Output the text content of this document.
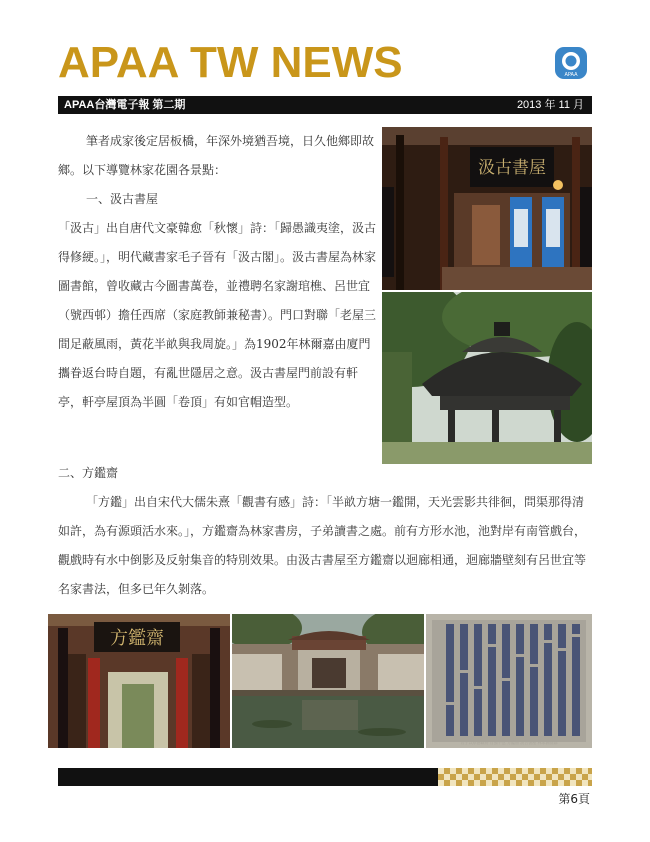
APAA TW NEWS	APAA
APAA台灣電子報 第二期	2013 年 11 月

筆者成家後定居板橋，年深外境猶吾境，日久他鄉即故鄉。以下導覽林家花園各景點：

一、汲古書屋

「汲古」出自唐代文豪韓愈「秋懷」詩：「歸愚識夷塗，汲古得修綆。」，明代藏書家毛子晉有「汲古閣」。汲古書屋為林家圖書館，曾收藏古今圖書萬卷，並禮聘名家謝琯樵、呂世宜（號西邨）擔任西席（家庭教師兼秘書）。門口對聯「老屋三間足蔽風雨，黃花半畝與我周旋。」為1902年林爾嘉由廈門攜眷返台時自題，有亂世隱居之意。汲古書屋門前設有軒亭，軒亭屋頂為半圓「卷頂」有如官帽造型。

二、方鑑齋

「方鑑」出自宋代大儒朱熹「觀書有感」詩：「半畝方塘一鑑開，天光雲影共徘徊，問渠那得清如許，為有源頭活水來。」，方鑑齋為林家書房，子弟讀書之處。前有方形水池，池對岸有南管戲台，觀戲時有水中倒影及反射集音的特別效果。由汲古書屋至方鑑齋以迴廊相通，迴廊牆壁刻有呂世宜等名家書法，但多已年久剝落。

汲古書屋
方鑑齋
君子以厚德載物 自強不息 方鑑齋 汲古書屋 林本源園邸
第6頁
